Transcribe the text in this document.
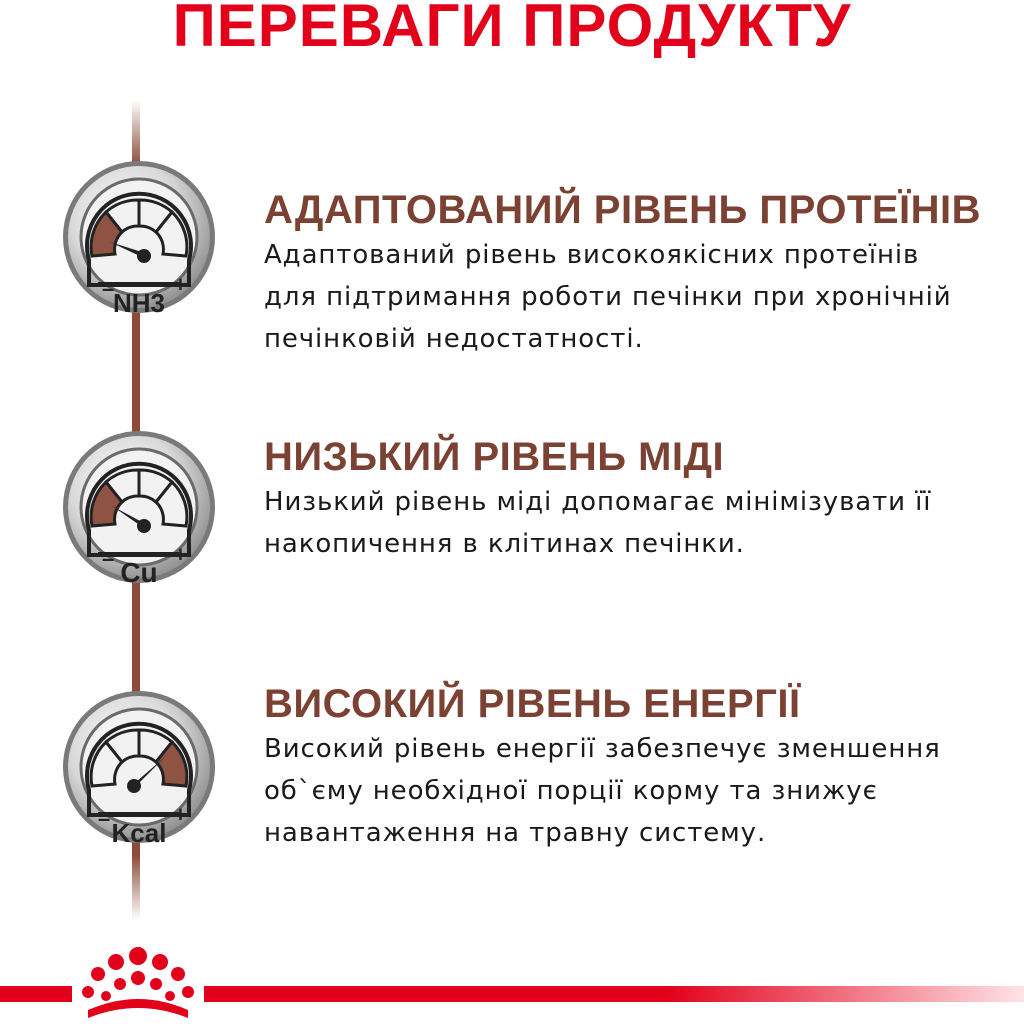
ПЕРЕВАГИ ПРОДУКТУ
–	+
NH3
–	+
Cu
–	+
Kcal
АДАПТОВАНИЙ РІВЕНЬ ПРОТЕЇНІВ

Адаптований рівень високоякісних протеїнів

для підтримання роботи печінки при хронічній

печінковій недостатності.

НИЗЬКИЙ РІВЕНЬ МІДІ

Низький рівень міді допомагає мінімізувати її

накопичення в клітинах печінки.

ВИСОКИЙ РІВЕНЬ ЕНЕРГІЇ

Високий рівень енергії забезпечує зменшення

об`єму необхідної порції корму та знижує

навантаження на травну систему.
